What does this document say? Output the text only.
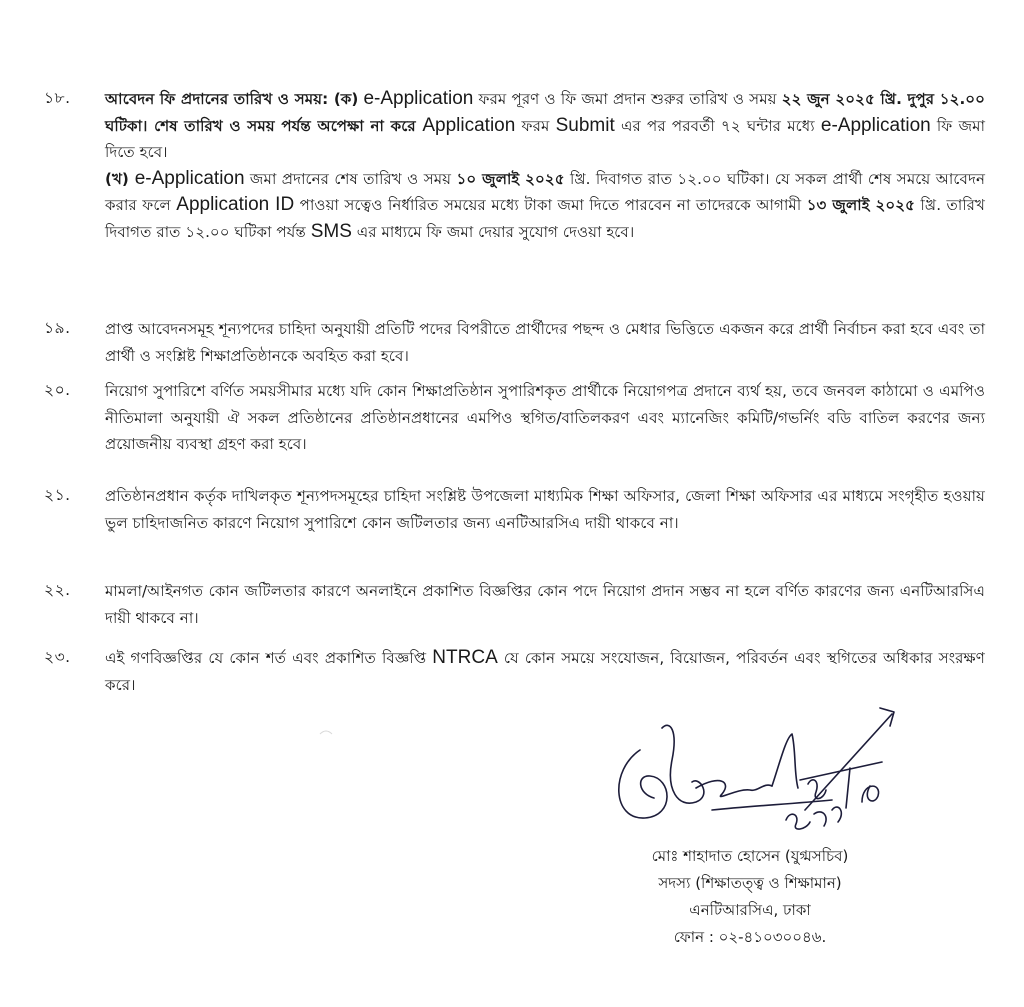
১৮. আবেদন ফি প্রদানের তারিখ ও সময়: (ক) e-Application ফরম পূরণ ও ফি জমা প্রদান শুরুর তারিখ ও সময় ২২ জুন ২০২৫ খ্রি. দুপুর ১২.০০ ঘটিকা। শেষ তারিখ ও সময় পর্যন্ত অপেক্ষা না করে Application ফরম Submit এর পর পরবর্তী ৭২ ঘন্টার মধ্যে e-Application ফি জমা দিতে হবে।

(খ) e-Application জমা প্রদানের শেষ তারিখ ও সময় ১০ জুলাই ২০২৫ খ্রি. দিবাগত রাত ১২.০০ ঘটিকা। যে সকল প্রার্থী শেষ সময়ে আবেদন করার ফলে Application ID পাওয়া সত্বেও নির্ধারিত সময়ের মধ্যে টাকা জমা দিতে পারবেন না তাদেরকে আগামী ১৩ জুলাই ২০২৫ খ্রি. তারিখ দিবাগত রাত ১২.০০ ঘটিকা পর্যন্ত SMS এর মাধ্যমে ফি জমা দেয়ার সুযোগ দেওয়া হবে।

১৯. প্রাপ্ত আবেদনসমূহ শূন্যপদের চাহিদা অনুযায়ী প্রতিটি পদের বিপরীতে প্রার্থীদের পছন্দ ও মেধার ভিত্তিতে একজন করে প্রার্থী নির্বাচন করা হবে এবং তা প্রার্থী ও সংশ্লিষ্ট শিক্ষাপ্রতিষ্ঠানকে অবহিত করা হবে।
২০. নিয়োগ সুপারিশে বর্ণিত সময়সীমার মধ্যে যদি কোন শিক্ষাপ্রতিষ্ঠান সুপারিশকৃত প্রার্থীকে নিয়োগপত্র প্রদানে ব্যর্থ হয়, তবে জনবল কাঠামো ও এমপিও নীতিমালা অনুযায়ী ঐ সকল প্রতিষ্ঠানের প্রতিষ্ঠানপ্রধানের এমপিও স্থগিত/বাতিলকরণ এবং ম্যানেজিং কমিটি/গভর্নিং বডি বাতিল করণের জন্য প্রয়োজনীয় ব্যবস্থা গ্রহণ করা হবে।
২১. প্রতিষ্ঠানপ্রধান কর্তৃক দাখিলকৃত শূন্যপদসমূহের চাহিদা সংশ্লিষ্ট উপজেলা মাধ্যমিক শিক্ষা অফিসার, জেলা শিক্ষা অফিসার এর মাধ্যমে সংগৃহীত হওয়ায় ভুল চাহিদাজনিত কারণে নিয়োগ সুপারিশে কোন জটিলতার জন্য এনটিআরসিএ দায়ী থাকবে না।
২২. মামলা/আইনগত কোন জটিলতার কারণে অনলাইনে প্রকাশিত বিজ্ঞপ্তির কোন পদে নিয়োগ প্রদান সম্ভব না হলে বর্ণিত কারণের জন্য এনটিআরসিএ দায়ী থাকবে না।
২৩. এই গণবিজ্ঞপ্তির যে কোন শর্ত এবং প্রকাশিত বিজ্ঞপ্তি NTRCA যে কোন সময়ে সংযোজন, বিয়োজন, পরিবর্তন এবং স্থগিতের অধিকার সংরক্ষণ করে।
মোঃ শাহাদাত হোসেন (যুগ্মসচিব)
সদস্য (শিক্ষাতত্ত্ব ও শিক্ষামান)
এনটিআরসিএ, ঢাকা
ফোন : ০২-৪১০৩০০৪৬.
